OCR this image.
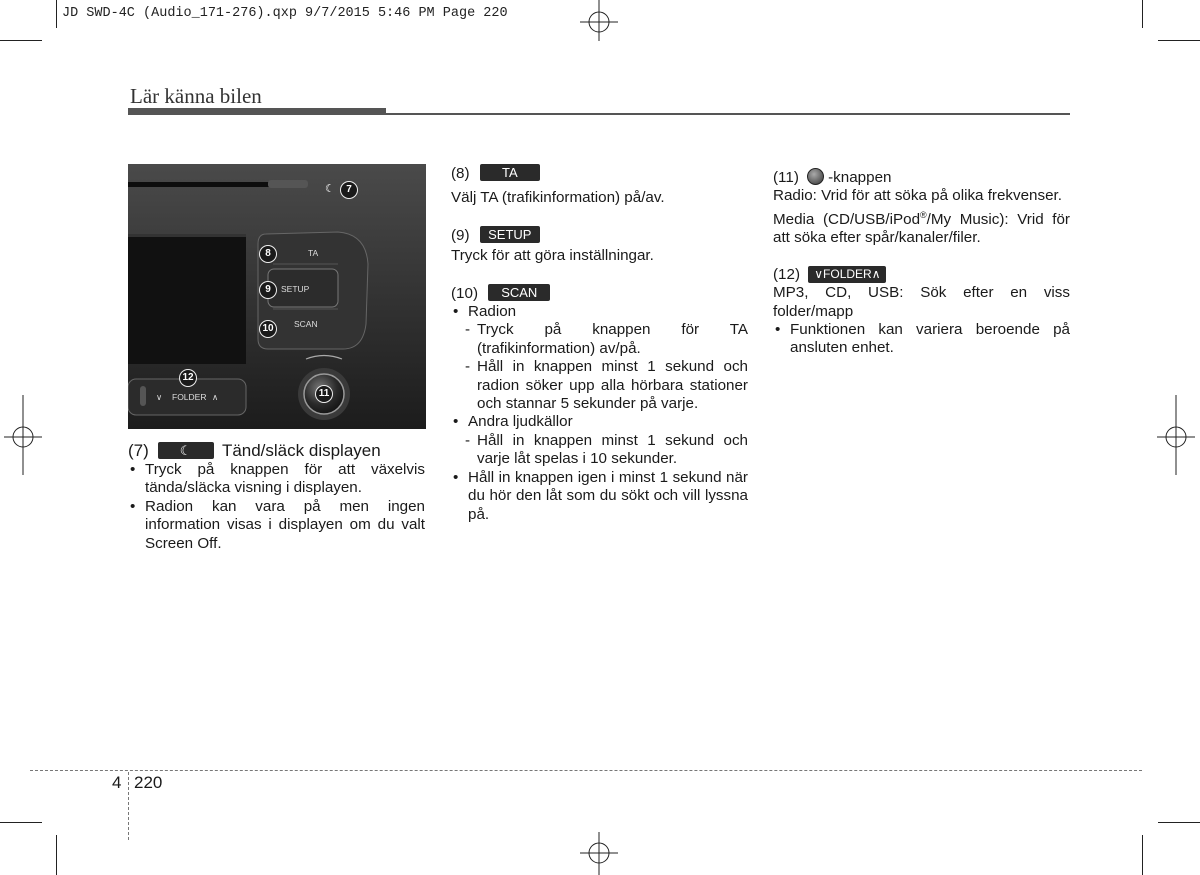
JD SWD-4C (Audio_171-276).qxp 9/7/2015 5:46 PM Page 220
Lär känna bilen
TA
SETUP
SCAN
∨ FOLDER ∧
☾	7
8
9
10
11
12

(7) ☾ Tänd/släck displayen

• Tryck på knappen för att växelvis tända/släcka visning i displayen.

• Radion kan vara på men ingen information visas i displayen om du valt Screen Off.

(8) TA

Välj TA (trafikinformation) på/av.

(9) SETUP

Tryck för att göra inställningar.

(10) SCAN

• Radion

- Tryck på knappen för TA (trafikinformation) av/på.

- Håll in knappen minst 1 sekund och radion söker upp alla hörbara stationer och stannar 5 sekunder på varje.

• Andra ljudkällor

- Håll in knappen minst 1 sekund och varje låt spelas i 10 sekunder.

• Håll in knappen igen i minst 1 sekund när du hör den låt som du sökt och vill lyssna på.

(11) -knappen

Radio: Vrid för att söka på olika frekvenser.

Media (CD/USB/iPod®/My Music): Vrid för att söka efter spår/kanaler/filer.

(12) ∨FOLDER∧

MP3, CD, USB: Sök efter en viss folder/mapp

• Funktionen kan variera beroende på ansluten enhet.

4 220
